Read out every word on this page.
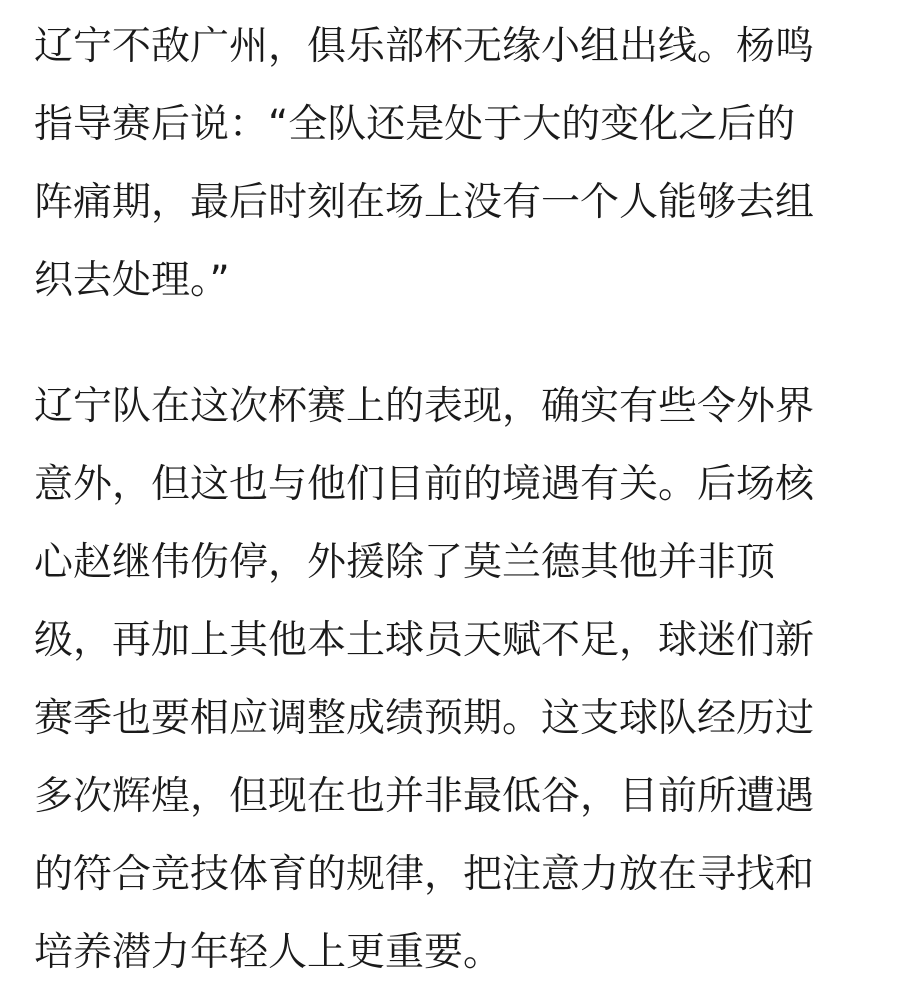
辽宁不敌广州，俱乐部杯无缘小组出线。杨鸣
指导赛后说：“全队还是处于大的变化之后的
阵痛期，最后时刻在场上没有一个人能够去组
织去处理。”
辽宁队在这次杯赛上的表现，确实有些令外界
意外，但这也与他们目前的境遇有关。后场核
心赵继伟伤停，外援除了莫兰德其他并非顶
级，再加上其他本土球员天赋不足，球迷们新
赛季也要相应调整成绩预期。这支球队经历过
多次辉煌，但现在也并非最低谷，目前所遭遇
的符合竞技体育的规律，把注意力放在寻找和
培养潜力年轻人上更重要。
